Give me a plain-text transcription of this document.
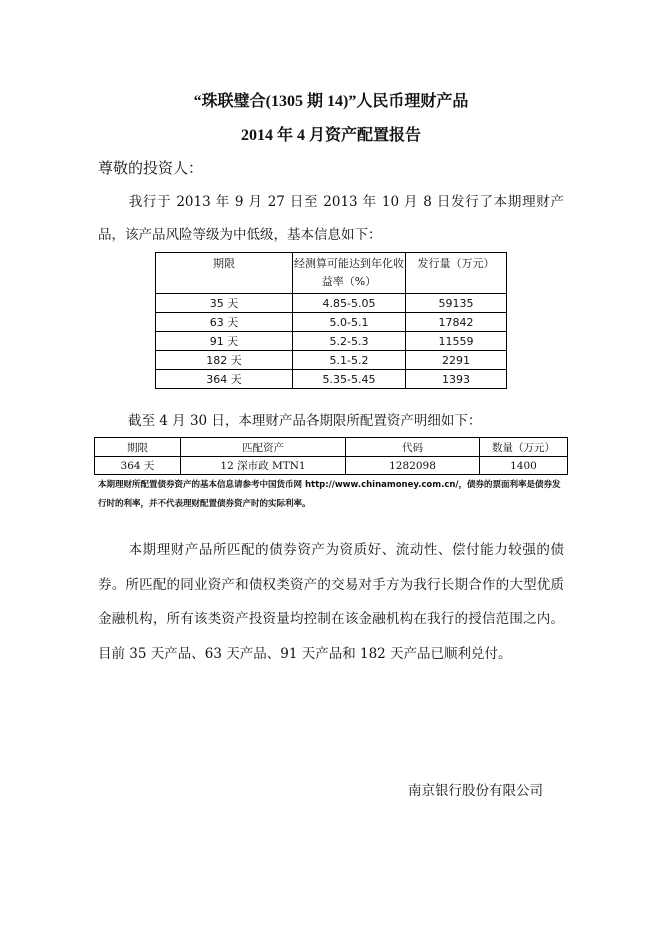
“珠联璧合(1305 期 14)”人民币理财产品
2014 年 4 月资产配置报告
尊敬的投资人：
我行于 2013 年 9 月 27 日至 2013 年 10 月 8 日发行了本期理财产品，该产品风险等级为中低级，基本信息如下：
期限	经测算可能达到年化收益率（%）	发行量（万元）
35 天	4.85-5.05	59135
63 天	5.0-5.1	17842
91 天	5.2-5.3	11559
182 天	5.1-5.2	2291
364 天	5.35-5.45	1393
截至 4 月 30 日，本理财产品各期限所配置资产明细如下：
期限	匹配资产	代码	数量（万元）
364 天	12 深市政 MTN1	1282098	1400
本期理财所配置债券资产的基本信息请参考中国货币网 http://www.chinamoney.com.cn/，债券的票面利率是债券发行时的利率，并不代表理财配置债券资产时的实际利率。
本期理财产品所匹配的债券资产为资质好、流动性、偿付能力较强的债券。所匹配的同业资产和债权类资产的交易对手方为我行长期合作的大型优质金融机构，所有该类资产投资量均控制在该金融机构在我行的授信范围之内。目前 35 天产品、63 天产品、91 天产品和 182 天产品已顺利兑付。
南京银行股份有限公司
